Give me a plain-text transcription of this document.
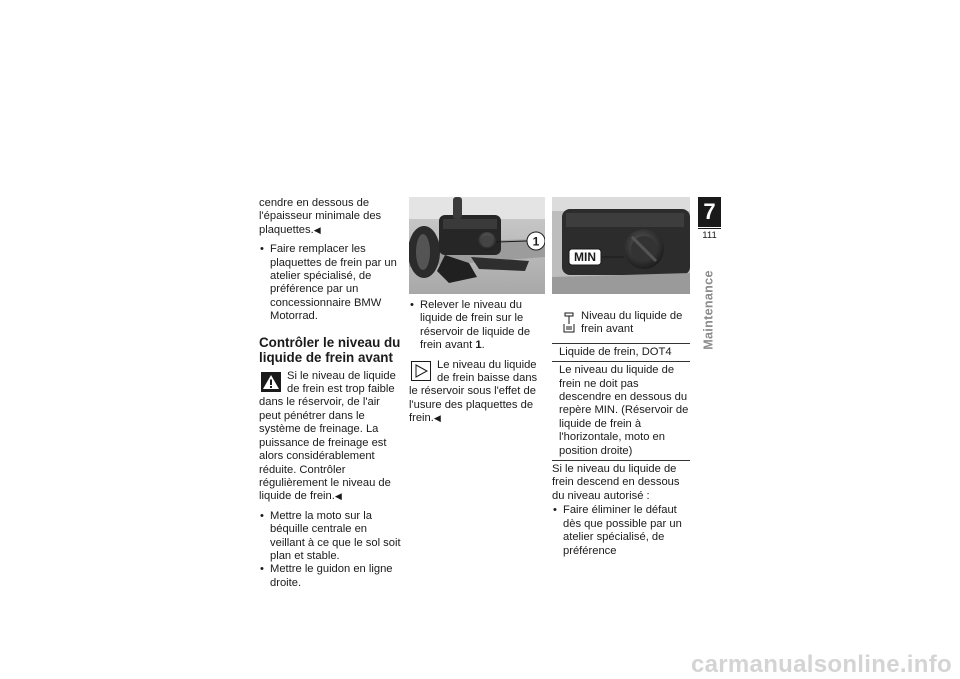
cendre en dessous de l'épaisseur minimale des plaquettes.◀

• Faire remplacer les plaquettes de frein par un atelier spécialisé, de préférence par un concessionnaire BMW Motorrad.
Contrôler le niveau du liquide de frein avant

Si le niveau de liquide de frein est trop faible dans le réservoir, de l'air peut pénétrer dans le système de freinage. La puissance de freinage est alors considérablement réduite. Contrôler régulièrement le niveau de liquide de frein.◀

• Mettre la moto sur la béquille centrale en veillant à ce que le sol soit plan et stable.
• Mettre le guidon en ligne droite.
1
• Relever le niveau du liquide de frein sur le réservoir de liquide de frein avant 1.

Le niveau du liquide de frein baisse dans le réservoir sous l'effet de l'usure des plaquettes de frein.◀

MIN
Niveau du liquide de frein avant
Liquide de frein, DOT4
Le niveau du liquide de frein ne doit pas descendre en dessous du repère MIN. (Réservoir de liquide de frein à l'horizontale, moto en position droite)

Si le niveau du liquide de frein descend en dessous du niveau autorisé :

• Faire éliminer le défaut dès que possible par un atelier spécialisé, de préférence
7
111
Maintenance
carmanualsonline.info
